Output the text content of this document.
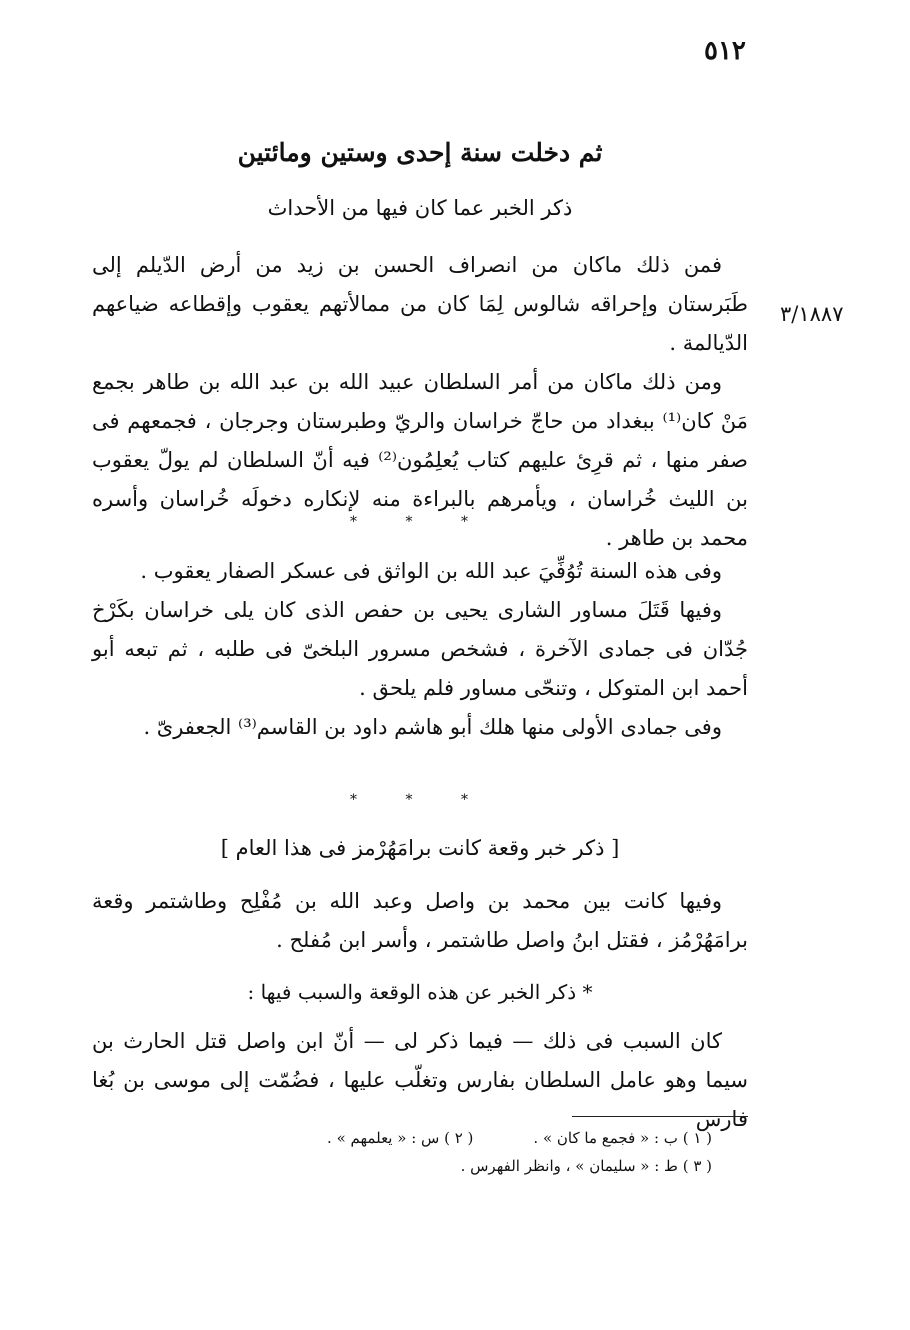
٥١٢
ثم دخلت سنة إحدى وستين ومائتين
ذكر الخبر عما كان فيها من الأحداث
٣/١٨٨٧

فمن ذلك ماكان من انصراف الحسن بن زيد من أرض الدّيلم إلى طَبَرستان وإحراقه شالوس لِمَا كان من ممالأتهم يعقوب وإقطاعه ضياعهم الدّيالمة .

ومن ذلك ماكان من أمر السلطان عبيد الله بن عبد الله بن طاهر بجمع مَنْ كان⁽¹⁾ ببغداد من حاجّ خراسان والريّ وطبرستان وجرجان ، فجمعهم فى صفر منها ، ثم قرِئ عليهم كتاب يُعلِمُون⁽²⁾ فيه أنّ السلطان لم يولّ يعقوب بن الليث خُراسان ، ويأمرهم بالبراءة منه لإنكاره دخولَه خُراسان وأسره محمد بن طاهر .

* * *

وفى هذه السنة تُوُفِّيَ عبد الله بن الواثق فى عسكر الصفار يعقوب .

وفيها قَتَلَ مساور الشارى يحيى بن حفص الذى كان يلى خراسان بكَرْخ جُدّان فى جمادى الآخرة ، فشخص مسرور البلخىّ فى طلبه ، ثم تبعه أبو أحمد ابن المتوكل ، وتنحّى مساور فلم يلحق .

وفى جمادى الأولى منها هلك أبو هاشم داود بن القاسم⁽³⁾ الجعفرىّ .

* * *
[ ذكر خبر وقعة كانت برامَهُرْمز فى هذا العام ]

وفيها كانت بين محمد بن واصل وعبد الله بن مُفْلِح وطاشتمر وقعة برامَهُرْمُز ، فقتل ابنُ واصل طاشتمر ، وأسر ابن مُفلح .

* ذكر الخبر عن هذه الوقعة والسبب فيها :

كان السبب فى ذلك — فيما ذكر لى — أنّ ابن واصل قتل الحارث بن سيما وهو عامل السلطان بفارس وتغلّب عليها ، فضُمّت إلى موسى بن بُغا فارس

( ١ ) ب : « فجمع ما كان » .
( ٢ ) س : « يعلمهم » .
( ٣ ) ط : « سليمان » ، وانظر الفهرس .
